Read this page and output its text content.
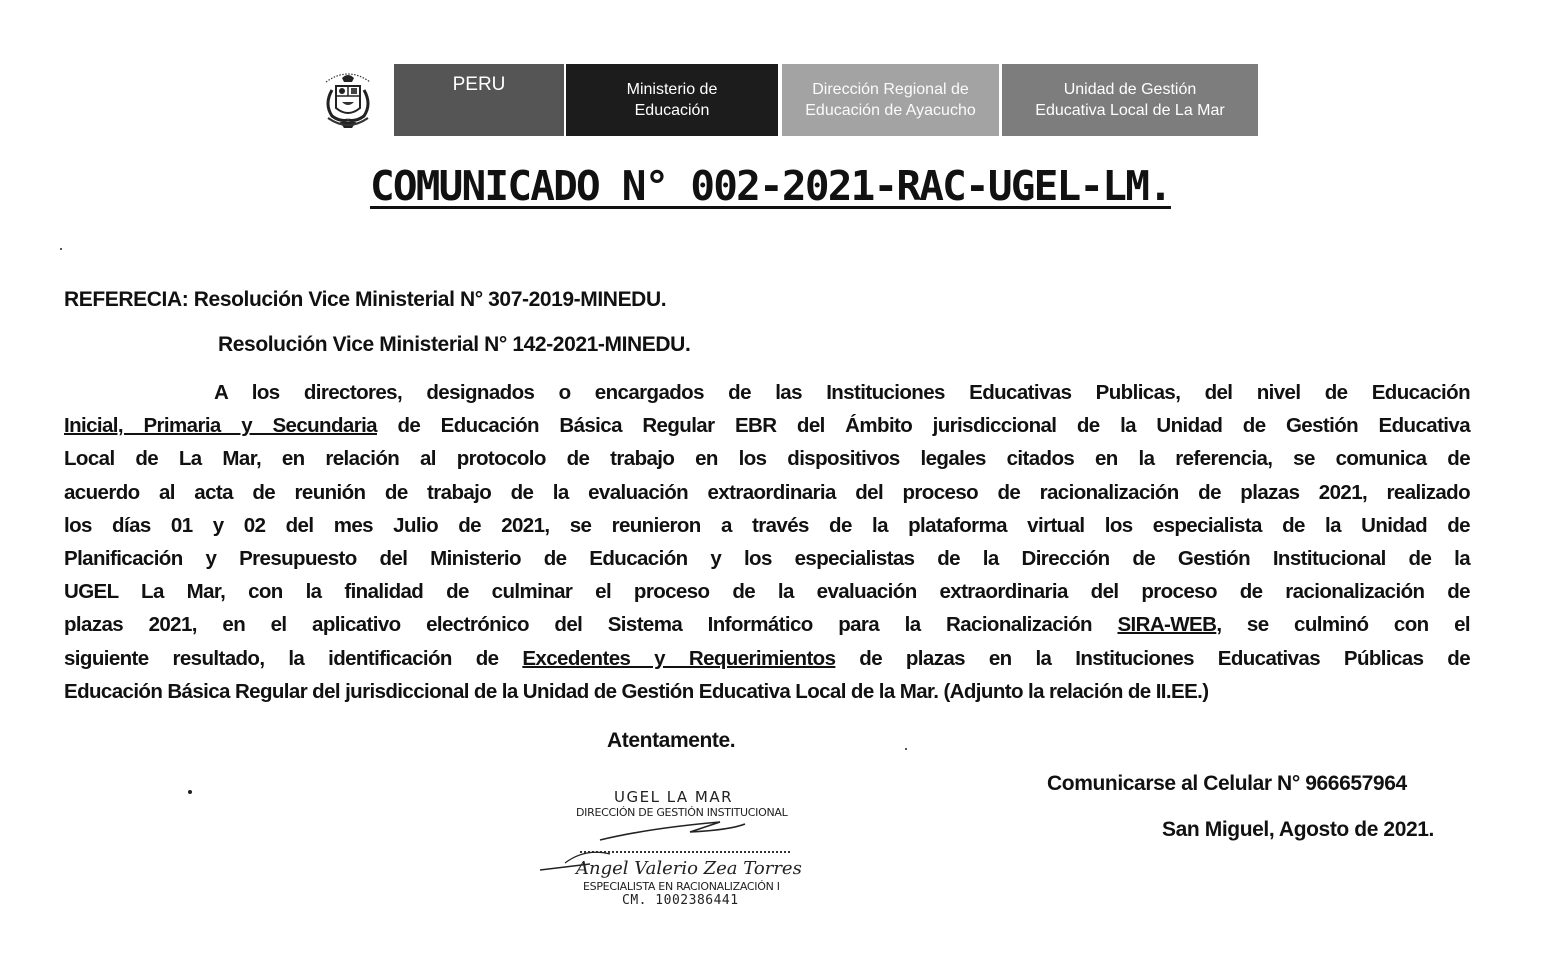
PERU	Ministerio de
Educación
Dirección Regional de
Educación de Ayacucho
Unidad de Gestión
Educativa Local de La Mar
COMUNICADO N° 002-2021-RAC-UGEL-LM.
REFERECIA: Resolución Vice Ministerial N° 307-2019-MINEDU.
Resolución Vice Ministerial N° 142-2021-MINEDU.
A los directores, designados o encargados de las Instituciones Educativas Publicas, del nivel de Educación
Inicial, Primaria y Secundaria de Educación Básica Regular EBR del Ámbito jurisdiccional de la Unidad de Gestión Educativa
Local de La Mar, en relación al protocolo de trabajo en los dispositivos legales citados en la referencia, se comunica de
acuerdo al acta de reunión de trabajo de la evaluación extraordinaria del proceso de racionalización de plazas 2021, realizado
los días 01 y 02 del mes Julio de 2021, se reunieron a través de la plataforma virtual los especialista de la Unidad de
Planificación y Presupuesto del Ministerio de Educación y los especialistas de la Dirección de Gestión Institucional de la
UGEL La Mar, con la finalidad de culminar el proceso de la evaluación extraordinaria del proceso de racionalización de
plazas 2021, en el aplicativo electrónico del Sistema Informático para la Racionalización SIRA-WEB, se culminó con el
siguiente resultado, la identificación de Excedentes y Requerimientos de plazas en la Instituciones Educativas Públicas de
Educación Básica Regular del jurisdiccional de la Unidad de Gestión Educativa Local de la Mar. (Adjunto la relación de II.EE.)
Atentamente.
Comunicarse al Celular N° 966657964
San Miguel, Agosto de 2021.
UGEL LA MAR
DIRECCIÓN DE GESTIÓN INSTITUCIONAL
Angel Valerio Zea Torres
ESPECIALISTA EN RACIONALIZACIÓN I
CM. 1002386441
